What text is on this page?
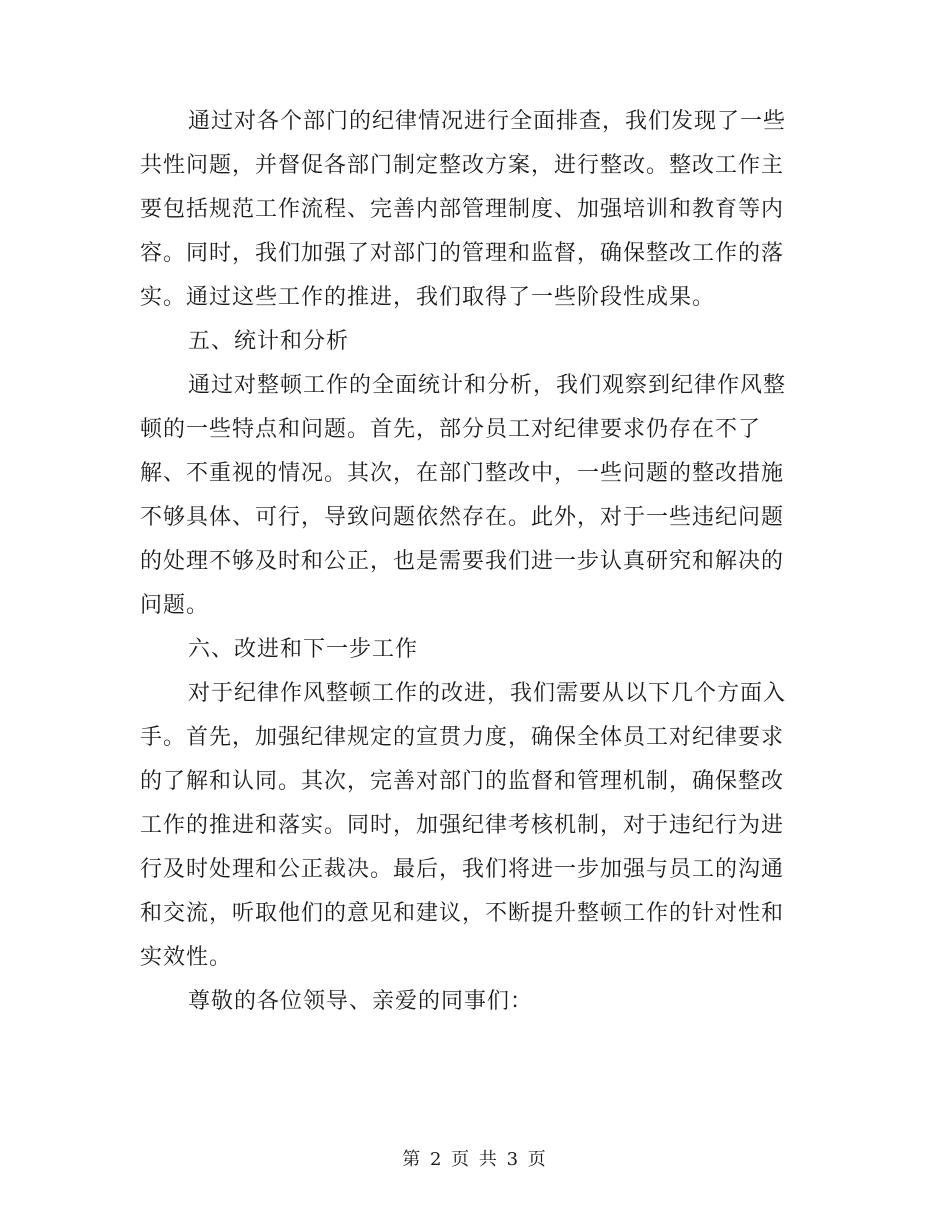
通过对各个部门的纪律情况进行全面排查，我们发现了一些
共性问题，并督促各部门制定整改方案，进行整改。整改工作主
要包括规范工作流程、完善内部管理制度、加强培训和教育等内
容。同时，我们加强了对部门的管理和监督，确保整改工作的落
实。通过这些工作的推进，我们取得了一些阶段性成果。
五、统计和分析
通过对整顿工作的全面统计和分析，我们观察到纪律作风整
顿的一些特点和问题。首先，部分员工对纪律要求仍存在不了
解、不重视的情况。其次，在部门整改中，一些问题的整改措施
不够具体、可行，导致问题依然存在。此外，对于一些违纪问题
的处理不够及时和公正，也是需要我们进一步认真研究和解决的
问题。
六、改进和下一步工作
对于纪律作风整顿工作的改进，我们需要从以下几个方面入
手。首先，加强纪律规定的宣贯力度，确保全体员工对纪律要求
的了解和认同。其次，完善对部门的监督和管理机制，确保整改
工作的推进和落实。同时，加强纪律考核机制，对于违纪行为进
行及时处理和公正裁决。最后，我们将进一步加强与员工的沟通
和交流，听取他们的意见和建议，不断提升整顿工作的针对性和
实效性。
尊敬的各位领导、亲爱的同事们：
第 2 页 共 3 页
